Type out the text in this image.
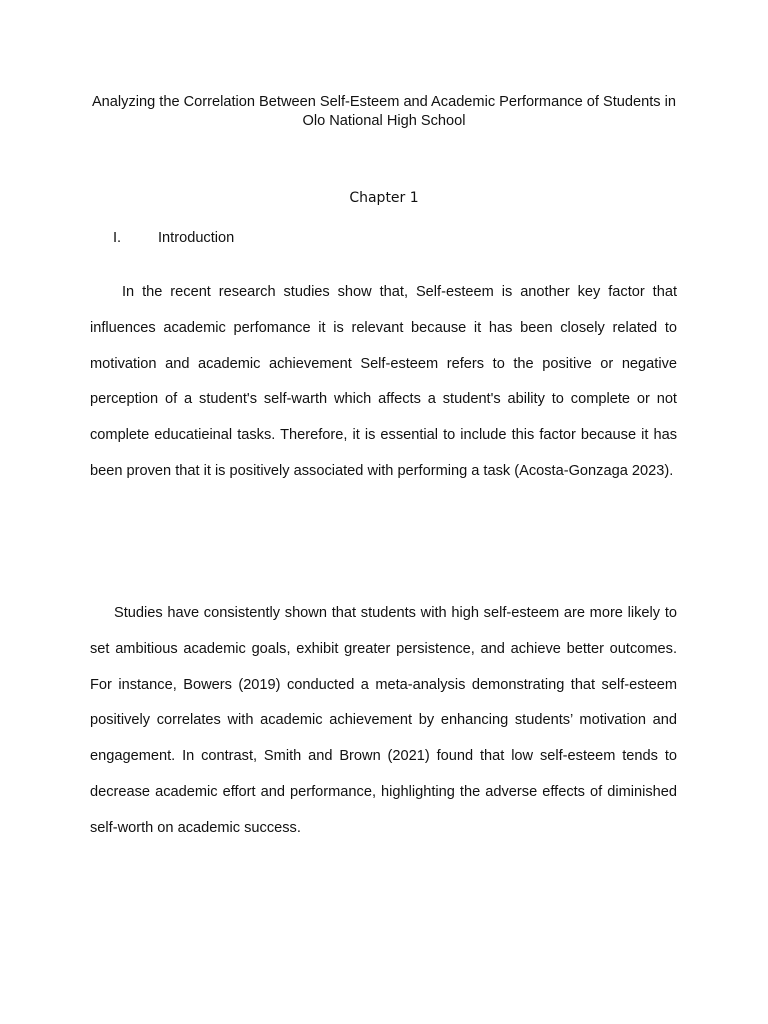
Analyzing the Correlation Between Self-Esteem and Academic Performance of Students in Olo National High School
Chapter 1
I.	Introduction

In the recent research studies show that, Self-esteem is another key factor that influences academic perfomance it is relevant because it has been closely related to motivation and academic achievement Self-esteem refers to the positive or negative perception of a student's self-warth which affects a student's ability to complete or not complete educatieinal tasks. Therefore, it is essential to include this factor because it has been proven that it is positively associated with performing a task (Acosta-Gonzaga 2023).

Studies have consistently shown that students with high self-esteem are more likely to set ambitious academic goals, exhibit greater persistence, and achieve better outcomes. For instance, Bowers (2019) conducted a meta-analysis demonstrating that self-esteem positively correlates with academic achievement by enhancing students’ motivation and engagement. In contrast, Smith and Brown (2021) found that low self-esteem tends to decrease academic effort and performance, highlighting the adverse effects of diminished self-worth on academic success.
